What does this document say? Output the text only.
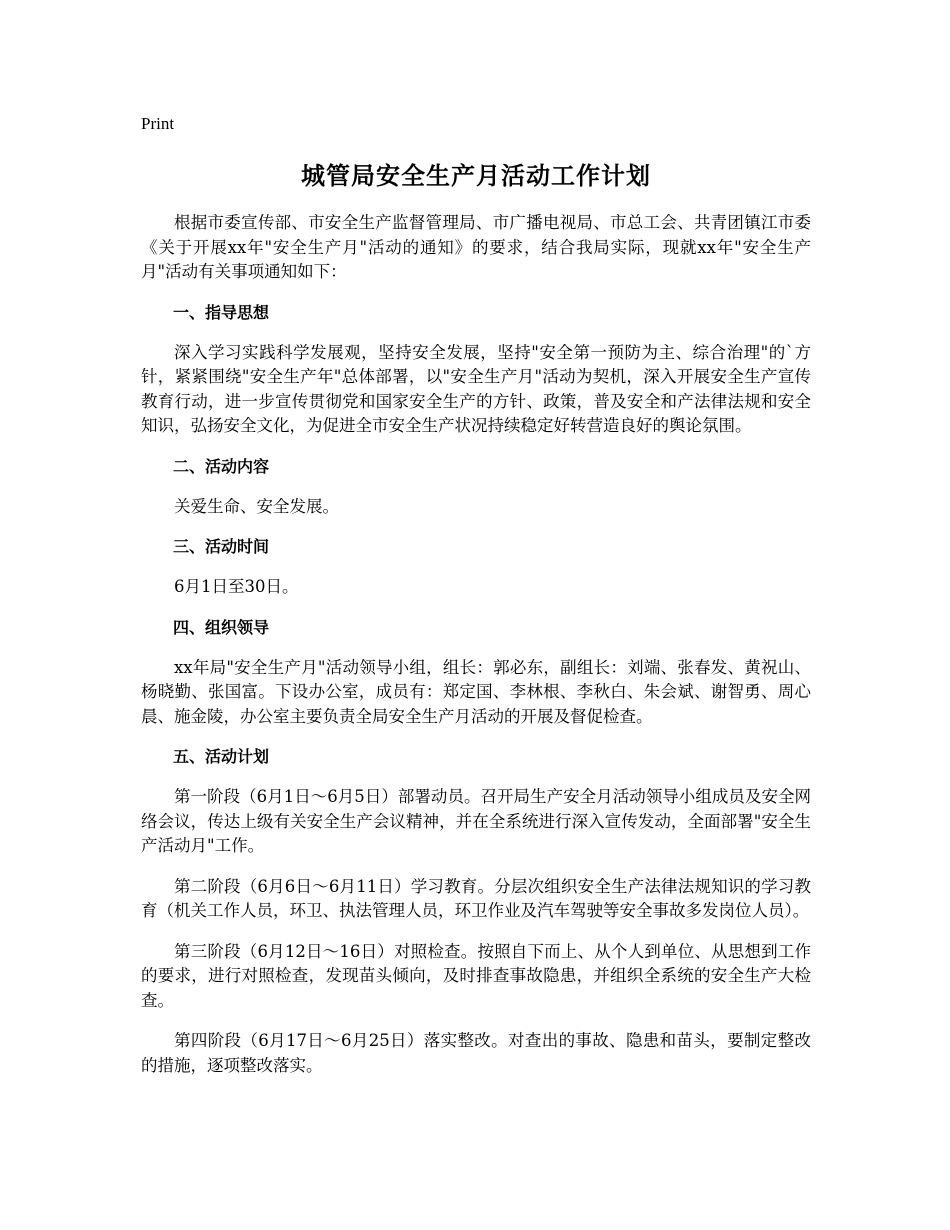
Print
城管局安全生产月活动工作计划

根据市委宣传部、市安全生产监督管理局、市广播电视局、市总工会、共青团镇江市委《关于开展xx年"安全生产月"活动的通知》的要求，结合我局实际，现就xx年"安全生产月"活动有关事项通知如下：

一、指导思想

深入学习实践科学发展观，坚持安全发展，坚持"安全第一预防为主、综合治理"的`方针，紧紧围绕"安全生产年"总体部署，以"安全生产月"活动为契机，深入开展安全生产宣传教育行动，进一步宣传贯彻党和国家安全生产的方针、政策，普及安全和产法律法规和安全知识，弘扬安全文化，为促进全市安全生产状况持续稳定好转营造良好的舆论氛围。

二、活动内容

关爱生命、安全发展。

三、活动时间

6月1日至30日。

四、组织领导

xx年局"安全生产月"活动领导小组，组长：郭必东，副组长：刘端、张春发、黄祝山、杨晓勤、张国富。下设办公室，成员有：郑定国、李林根、李秋白、朱会斌、谢智勇、周心晨、施金陵，办公室主要负责全局安全生产月活动的开展及督促检查。

五、活动计划

第一阶段（6月1日～6月5日）部署动员。召开局生产安全月活动领导小组成员及安全网络会议，传达上级有关安全生产会议精神，并在全系统进行深入宣传发动，全面部署"安全生产活动月"工作。

第二阶段（6月6日～6月11日）学习教育。分层次组织安全生产法律法规知识的学习教育（机关工作人员，环卫、执法管理人员，环卫作业及汽车驾驶等安全事故多发岗位人员）。

第三阶段（6月12日～16日）对照检查。按照自下而上、从个人到单位、从思想到工作的要求，进行对照检查，发现苗头倾向，及时排查事故隐患，并组织全系统的安全生产大检查。

第四阶段（6月17日～6月25日）落实整改。对查出的事故、隐患和苗头，要制定整改的措施，逐项整改落实。
